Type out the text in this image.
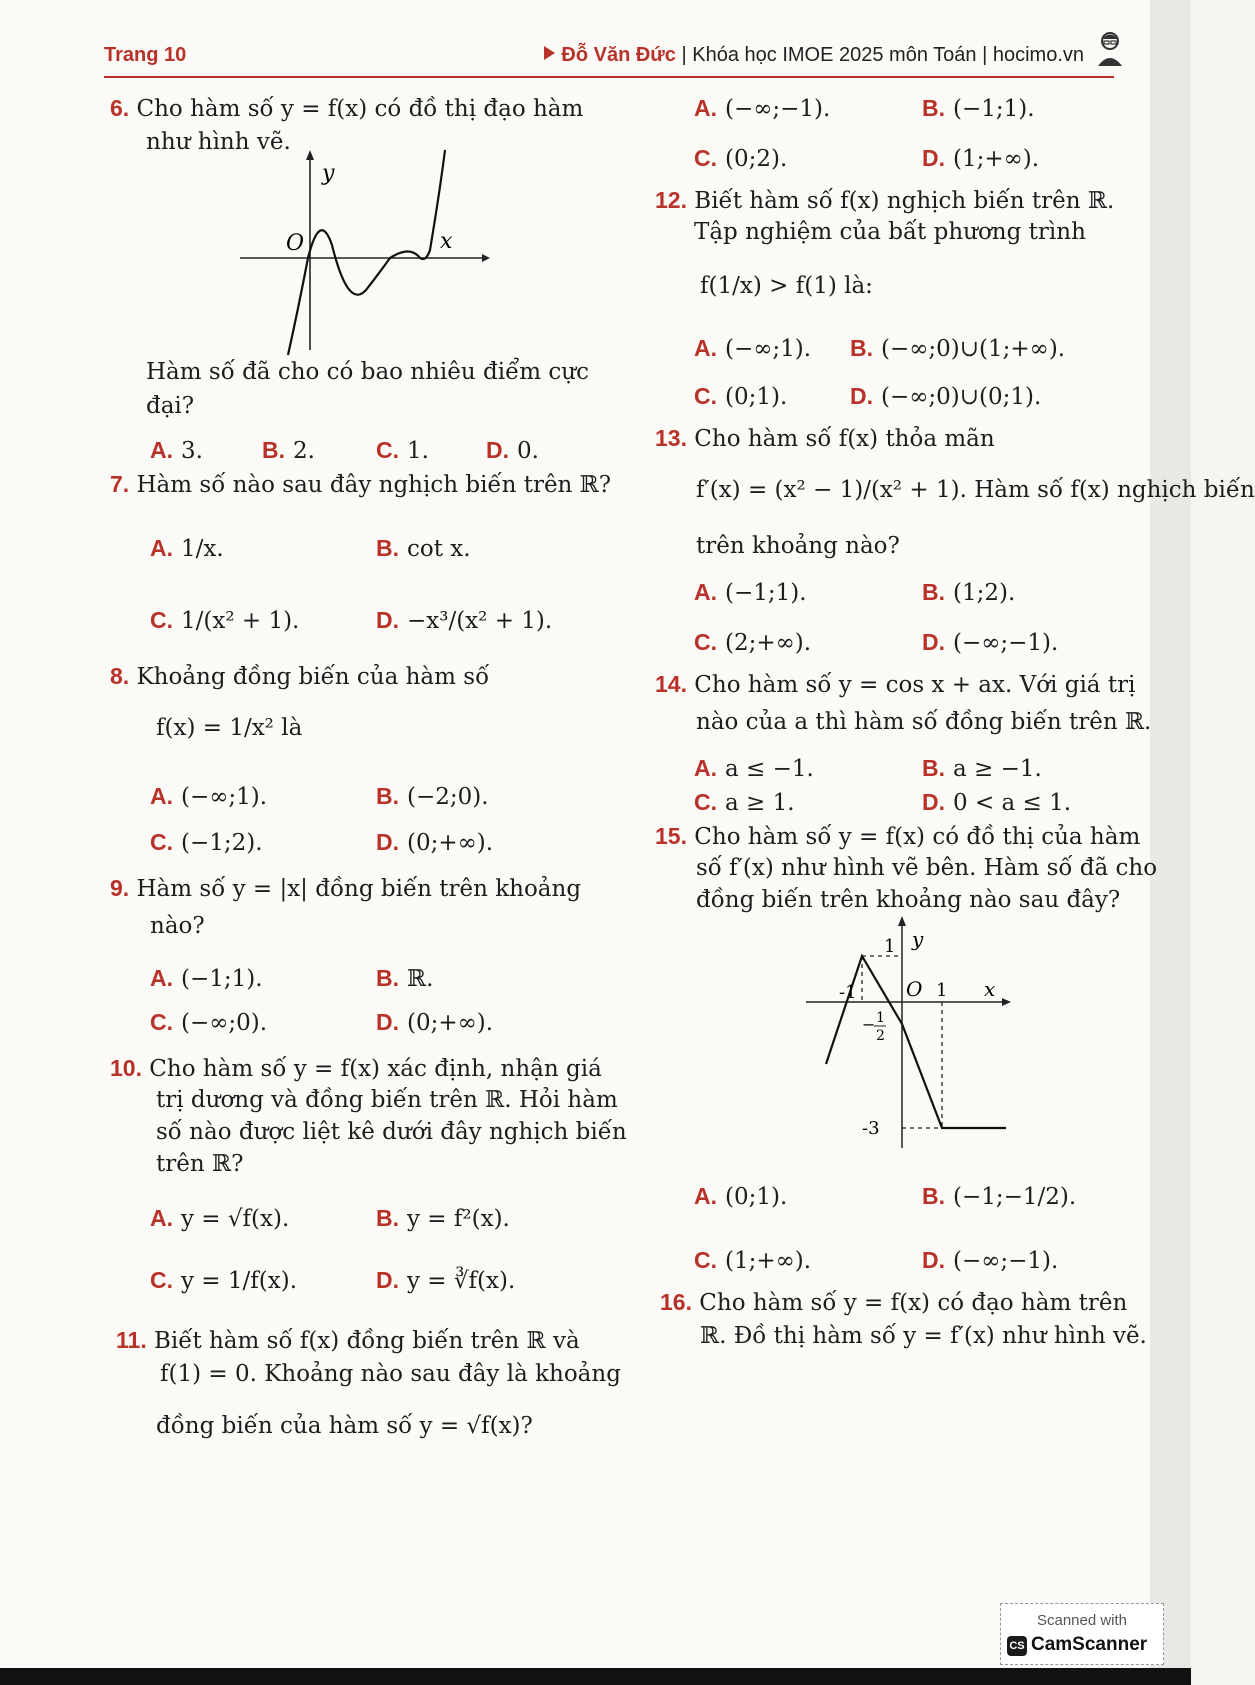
Trang 10	Đỗ Văn Đức | Khóa học IMOE 2025 môn Toán | hocimo.vn
6. Cho hàm số y = f(x) có đồ thị đạo hàm
như hình vẽ.
y
x
O
Hàm số đã cho có bao nhiêu điểm cực
đại?
A. 3.	B. 2.	C. 1. D. 0.
7. Hàm số nào sau đây nghịch biến trên ℝ?
A. 1/x.	B. cot x.
C. 1/(x² + 1).	D. −x³/(x² + 1).
8. Khoảng đồng biến của hàm số
f(x) = 1/x² là
A. (−∞;1).	B. (−2;0).
C. (−1;2).	D. (0;+∞).
9. Hàm số y = |x| đồng biến trên khoảng
nào?
A. (−1;1).	B. ℝ.
C. (−∞;0).	D. (0;+∞).
10. Cho hàm số y = f(x) xác định, nhận giá
trị dương và đồng biến trên ℝ. Hỏi hàm
số nào được liệt kê dưới đây nghịch biến
trên ℝ?
A. y = √f(x).	B. y = f²(x).
C. y = 1/f(x).	D. y = ∛f(x).
11. Biết hàm số f(x) đồng biến trên ℝ và
f(1) = 0. Khoảng nào sau đây là khoảng
đồng biến của hàm số y = √f(x)?
A. (−∞;−1).	B. (−1;1).
C. (0;2).	D. (1;+∞).
12. Biết hàm số f(x) nghịch biến trên ℝ.
Tập nghiệm của bất phương trình
f(1/x) > f(1) là:
A. (−∞;1). B. (−∞;0)∪(1;+∞).
C. (0;1).	D. (−∞;0)∪(0;1).
13. Cho hàm số f(x) thỏa mãn
f′(x) = (x² − 1)/(x² + 1). Hàm số f(x) nghịch biến
trên khoảng nào?
A. (−1;1).	B. (1;2).
C. (2;+∞).	D. (−∞;−1).
14. Cho hàm số y = cos x + ax. Với giá trị
nào của a thì hàm số đồng biến trên ℝ.
A. a ≤ −1.	B. a ≥ −1.
C. a ≥ 1.	D. 0 < a ≤ 1.
15. Cho hàm số y = f(x) có đồ thị của hàm
số f′(x) như hình vẽ bên. Hàm số đã cho
đồng biến trên khoảng nào sau đây?
y
1
-1 O 1 x
− 1
2
-3
A. (0;1).	B. (−1;−1/2).
C. (1;+∞).	D. (−∞;−1).
16. Cho hàm số y = f(x) có đạo hàm trên
ℝ. Đồ thị hàm số y = f′(x) như hình vẽ.
Scanned with
CS CamScanner
